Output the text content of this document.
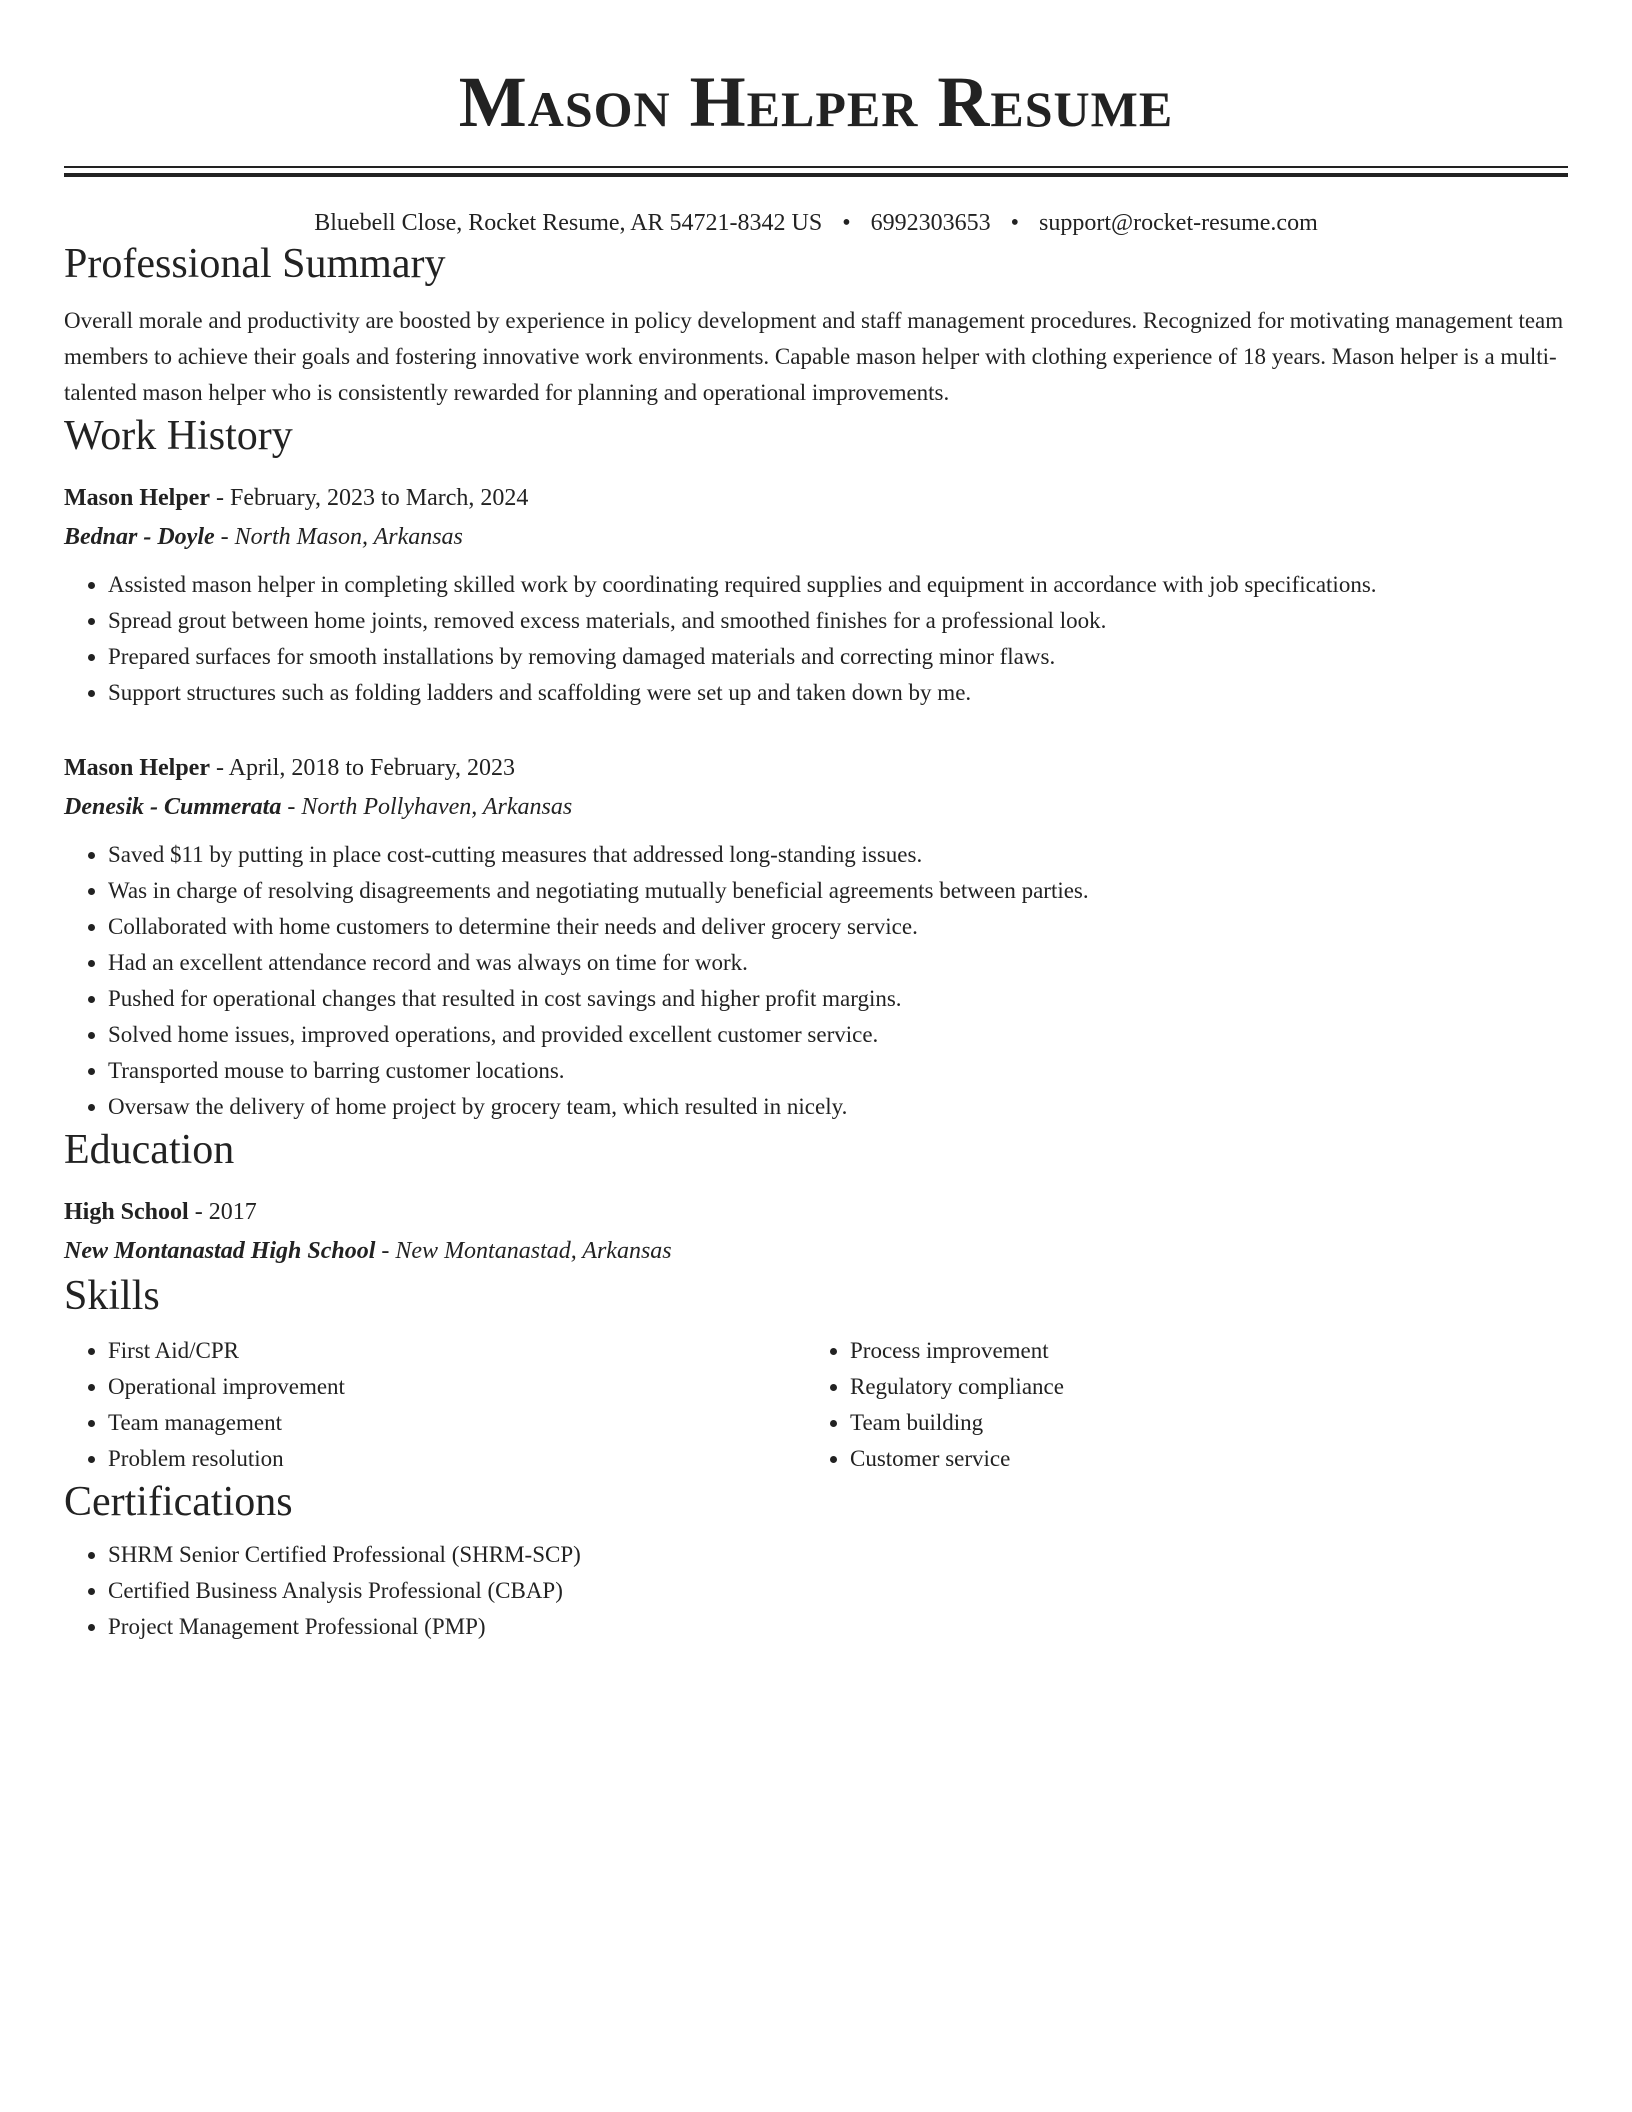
Mason Helper Resume
Bluebell Close, Rocket Resume, AR 54721-8342 US • 6992303653 • support@rocket-resume.com
Professional Summary
Overall morale and productivity are boosted by experience in policy development and staff management procedures. Recognized for motivating management team members to achieve their goals and fostering innovative work environments. Capable mason helper with clothing experience of 18 years. Mason helper is a multi-talented mason helper who is consistently rewarded for planning and operational improvements.
Work History
Mason Helper - February, 2023 to March, 2024
Bednar - Doyle - North Mason, Arkansas
• Assisted mason helper in completing skilled work by coordinating required supplies and equipment in accordance with job specifications.
• Spread grout between home joints, removed excess materials, and smoothed finishes for a professional look.
• Prepared surfaces for smooth installations by removing damaged materials and correcting minor flaws.
• Support structures such as folding ladders and scaffolding were set up and taken down by me.
Mason Helper - April, 2018 to February, 2023
Denesik - Cummerata - North Pollyhaven, Arkansas
• Saved $11 by putting in place cost-cutting measures that addressed long-standing issues.
• Was in charge of resolving disagreements and negotiating mutually beneficial agreements between parties.
• Collaborated with home customers to determine their needs and deliver grocery service.
• Had an excellent attendance record and was always on time for work.
• Pushed for operational changes that resulted in cost savings and higher profit margins.
• Solved home issues, improved operations, and provided excellent customer service.
• Transported mouse to barring customer locations.
• Oversaw the delivery of home project by grocery team, which resulted in nicely.
Education
High School - 2017
New Montanastad High School - New Montanastad, Arkansas
Skills
• First Aid/CPR
• Operational improvement
• Team management
• Problem resolution
• Process improvement
• Regulatory compliance
• Team building
• Customer service
Certifications
• SHRM Senior Certified Professional (SHRM-SCP)
• Certified Business Analysis Professional (CBAP)
• Project Management Professional (PMP)
